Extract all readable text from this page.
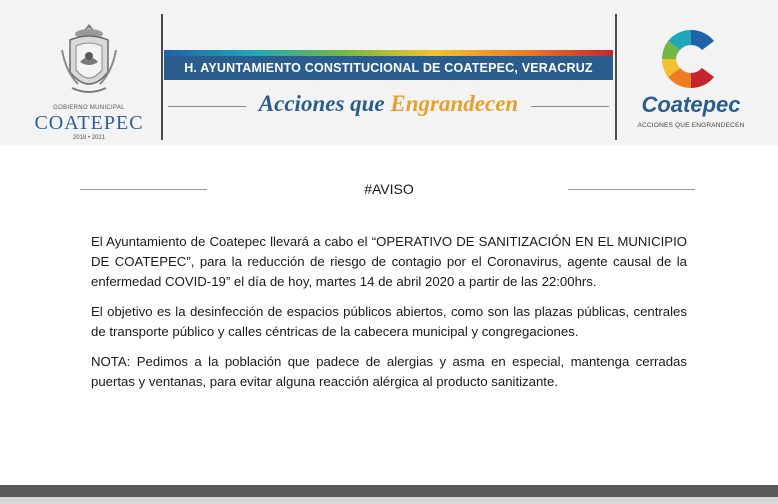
GOBIERNO MUNICIPAL
COATEPEC
2018 • 2021
H. AYUNTAMIENTO CONSTITUCIONAL DE COATEPEC, VERACRUZ
Acciones que Engrandecen	Coatepec
ACCIONES QUE ENGRANDECEN
#AVISO

El Ayuntamiento de Coatepec llevará a cabo el “OPERATIVO DE SANITIZACIÓN EN EL MUNICIPIO DE COATEPEC”, para la reducción de riesgo de contagio por el Coronavirus, agente causal de la enfermedad COVID-19” el día de hoy, martes 14 de abril 2020 a partir de las 22:00hrs.

El objetivo es la desinfección de espacios públicos abiertos, como son las plazas públicas, centrales de transporte público y calles céntricas de la cabecera municipal y congregaciones.

NOTA: Pedimos a la población que padece de alergias y asma en especial, mantenga cerradas puertas y ventanas, para evitar alguna reacción alérgica al producto sanitizante.
